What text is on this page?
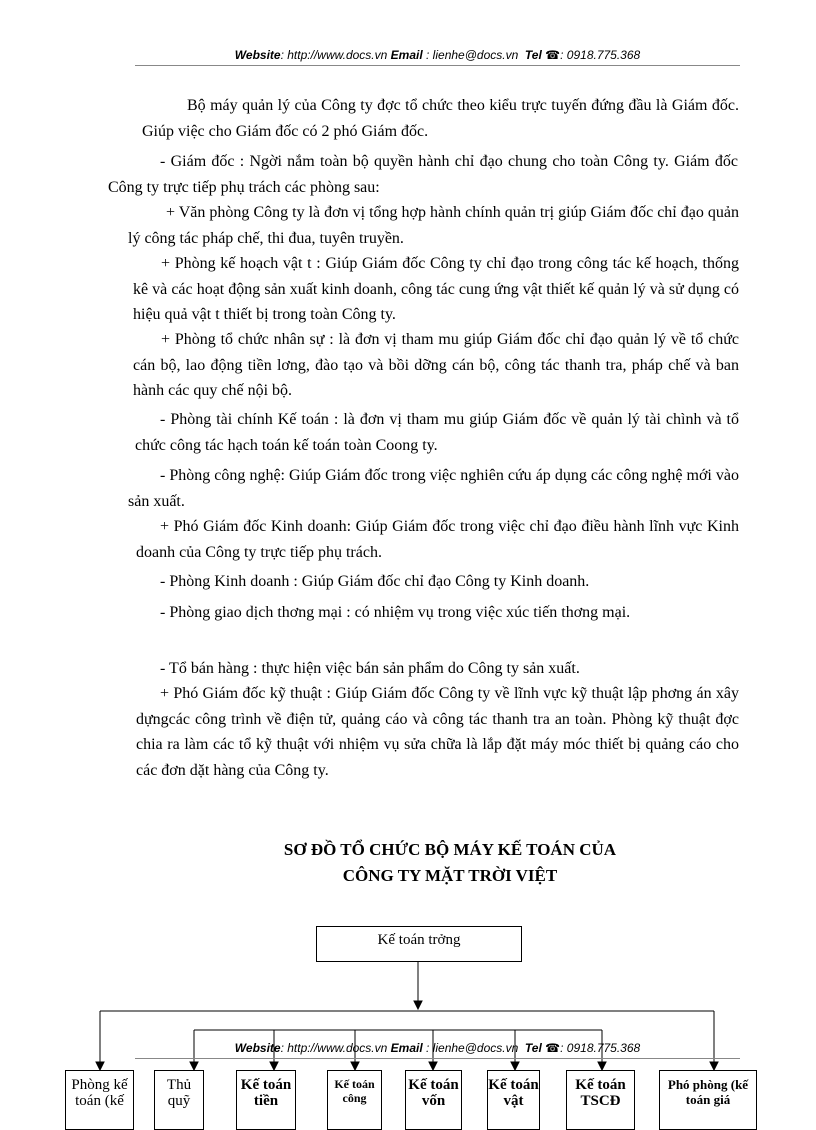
Website: http://www.docs.vn Email : lienhe@docs.vn Tel ☎: 0918.775.368
Bộ máy quản lý của Công ty đợc tổ chức theo kiểu trực tuyến đứng đầu là Giám đốc. Giúp việc cho Giám đốc có 2 phó Giám đốc.
- Giám đốc : Ngời nắm toàn bộ quyền hành chỉ đạo chung cho toàn Công ty. Giám đốc Công ty trực tiếp phụ trách các phòng sau:
+ Văn phòng Công ty là đơn vị tổng hợp hành chính quản trị giúp Giám đốc chỉ đạo quản lý công tác pháp chế, thi đua, tuyên truyền.
+ Phòng kế hoạch vật t : Giúp Giám đốc Công ty chỉ đạo trong công tác kế hoạch, thống kê và các hoạt động sản xuất kinh doanh, công tác cung ứng vật thiết kế quản lý và sử dụng có hiệu quả vật t thiết bị trong toàn Công ty.
+ Phòng tổ chức nhân sự : là đơn vị tham mu giúp Giám đốc chỉ đạo quản lý về tổ chức cán bộ, lao động tiền lơng, đào tạo và bồi dỡng cán bộ, công tác thanh tra, pháp chế và ban hành các quy chế nội bộ.
- Phòng tài chính Kế toán : là đơn vị tham mu giúp Giám đốc về quản lý tài chình và tổ chức công tác hạch toán kế toán toàn Coong ty.
- Phòng công nghệ: Giúp Giám đốc trong việc nghiên cứu áp dụng các công nghệ mới vào sản xuất.
+ Phó Giám đốc Kinh doanh: Giúp Giám đốc trong việc chỉ đạo điều hành lĩnh vực Kinh doanh của Công ty trực tiếp phụ trách.
- Phòng Kinh doanh : Giúp Giám đốc chỉ đạo Công ty Kinh doanh.
- Phòng giao dịch thơng mại : có nhiệm vụ trong việc xúc tiến thơng mại.
- Tổ bán hàng : thực hiện việc bán sản phẩm do Công ty sản xuất.
+ Phó Giám đốc kỹ thuật : Giúp Giám đốc Công ty về lĩnh vực kỹ thuật lập phơng án xây dựngcác công trình về điện tử, quảng cáo và công tác thanh tra an toàn. Phòng kỹ thuật đợc chia ra làm các tổ kỹ thuật với nhiệm vụ sửa chữa là lắp đặt máy móc thiết bị quảng cáo cho các đơn dặt hàng của Công ty.
SƠ ĐỒ TỔ CHỨC BỘ MÁY KẾ TOÁN CỦA
CÔNG TY MẶT TRỜI VIỆT
Kế toán trởng
Website: http://www.docs.vn Email : lienhe@docs.vn Tel ☎: 0918.775.368
Phòng kế toán (kế
Thủ quỹ
Kế toán tiền
Kế toán công
Kế toán vốn
Kế toán vật
Kế toán TSCĐ
Phó phòng (kế toán giá
